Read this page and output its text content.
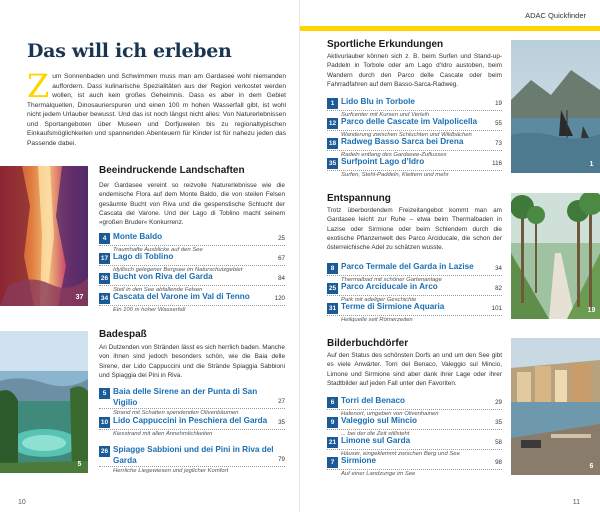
ADAC Quickfinder
Das will ich erleben
Zum Sonnenbaden und Schwimmen muss man am Gardasee wohl niemanden auffordern. Dass kulinarische Spezialitäten aus der Region verkostet werden wollen, ist auch kein großes Geheimnis. Dass es aber in dem Gebiet Thermalquellen, Dinosaurierspuren und einen 100 m hohen Wasserfall gibt, ist wohl nicht jedem Urlauber bewusst. Und das ist noch längst nicht alles: Von Naturerlebnissen und Sportangeboten über Museen und Dorfjuwelen bis zu regionaltypischen Einkaufsmöglichkeiten und spannenden Abenteuern für Kinder ist für nahezu jeden das Passende dabei.
37
Beeindruckende Landschaften
Der Gardasee vereint so reizvolle Naturerlebnisse wie die endemische Flora auf dem Monte Baldo, die von steilen Felsen gesäumte Bucht von Riva und die gespenstische Schlucht der Cascata del Varone. Und der Lago di Toblino macht seinem »großen Bruder« Konkurrenz.
4 Monte Baldo	25
Traumhafte Ausblicke auf den See
17 Lago di Toblino	67
Idyllisch gelegener Bergsee im Naturschutzgebiet
26 Bucht von Riva del Garda	84
Steil in den See abfallende Felsen
34 Cascata del Varone im Val di Tenno	120
Ein 100 m hoher Wasserfall
5
Badespaß
An Dutzenden von Stränden lässt es sich herrlich baden. Manche von ihnen sind jedoch besonders schön, wie die Baia delle Sirene, der Lido Cappuccini und die Strände Spiaggia Sabbioni und Spiaggia dei Pini in Riva.
5 Baia delle Sirene an der Punta di San Vigilio	27
Strand mit Schatten spendenden Olivenbäumen
10 Lido Cappuccini in Peschiera del Garda	35
Kiesstrand mit allen Annehmlichkeiten
26 Spiagge Sabbioni und dei Pini in Riva del Garda	79
Herrliche Liegewiesen und jeglicher Komfort
10
Sportliche Erkundungen
Aktivurlauber können sich z. B. beim Surfen und Stand-up-Paddeln in Torbole oder am Lago d’Idro austoben, beim Wandern durch den Parco delle Cascate oder beim Fahrradfahren auf dem Basso-Sarca-Radweg.
1 Lido Blu in Torbole	19
Surfcenter mit Kursen und Verleih
12 Parco delle Cascate im Valpolicella	55
Wanderung zwischen Schluchten und Wildbächen
18 Radweg Basso Sarca bei Drena	73
Radeln entlang des Gardasee-Zuflusses
35 Surfpoint Lago d’Idro	116
Surfen, Stehl-Paddeln, Klettern und mehr
1
Entspannung
Trotz überbordendem Freizeitangebot kommt man am Gardasee leicht zur Ruhe – etwa beim Thermalbaden in Lazise oder Sirmione oder beim Schlendern durch die exotische Pflanzenwelt des Parco Arciducale, die schon der österreichische Adel zu schätzen wusste.
8 Parco Termale del Garda in Lazise	34
Thermalbad mit schöner Gartenanlage
25 Parco Arciducale in Arco	82
Park mit adeliger Geschichte
31 Terme di Sirmione Aquaria	101
Heilquelle seit Römerzeiten
19
Bilderbuchdörfer
Auf den Status des schönsten Dorfs an und um den See gibt es viele Anwärter. Torri del Benaco, Valeggio sul Mincio, Limone und Sirmione sind aber dank ihrer Lage oder ihrer Stadtbilder auf jeden Fall unter den Favoriten.
6 Torri del Benaco	29
Hafenort, umgeben von Olivenhainen
9 Valeggio sul Mincio	35
... bei der die Zeit stillsteht
21 Limone sul Garda	58
Häuser, eingeklemmt zwischen Berg und See
7 Sirmione	98
Auf einer Landzunge im See
6
11
